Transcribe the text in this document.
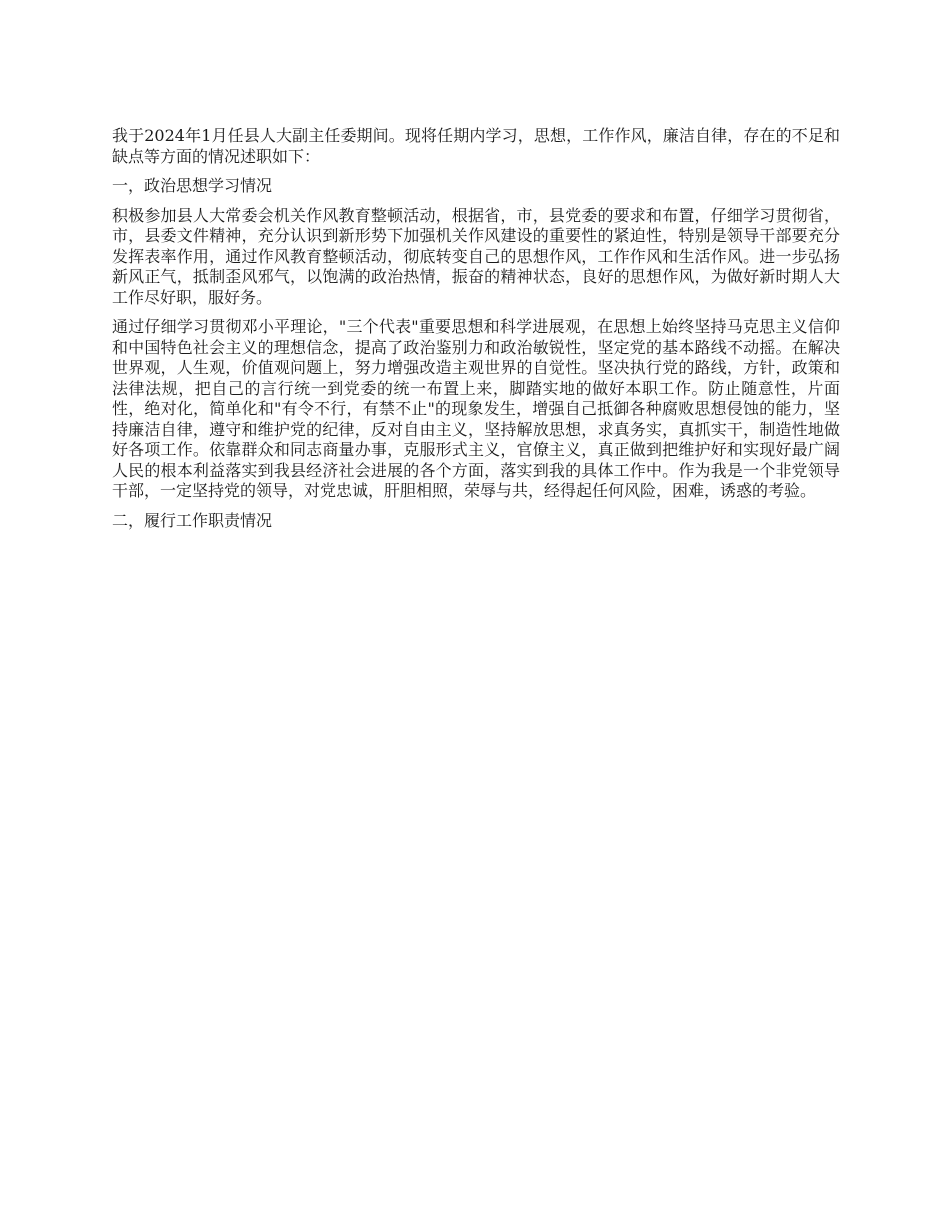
我于2024年1月任县人大副主任委期间。现将任期内学习，思想，工作作风，廉洁自律，存在的不足和缺点等方面的情况述职如下：

一，政治思想学习情况

积极参加县人大常委会机关作风教育整顿活动，根据省，市，县党委的要求和布置，仔细学习贯彻省，市，县委文件精神，充分认识到新形势下加强机关作风建设的重要性的紧迫性，特别是领导干部要充分发挥表率作用，通过作风教育整顿活动，彻底转变自己的思想作风，工作作风和生活作风。进一步弘扬新风正气，抵制歪风邪气，以饱满的政治热情，振奋的精神状态，良好的思想作风，为做好新时期人大工作尽好职，服好务。

通过仔细学习贯彻邓小平理论，"三个代表"重要思想和科学进展观，在思想上始终坚持马克思主义信仰和中国特色社会主义的理想信念，提高了政治鉴别力和政治敏锐性，坚定党的基本路线不动摇。在解决世界观，人生观，价值观问题上，努力增强改造主观世界的自觉性。坚决执行党的路线，方针，政策和法律法规，把自己的言行统一到党委的统一布置上来，脚踏实地的做好本职工作。防止随意性，片面性，绝对化，简单化和"有令不行，有禁不止"的现象发生，增强自己抵御各种腐败思想侵蚀的能力，坚持廉洁自律，遵守和维护党的纪律，反对自由主义，坚持解放思想，求真务实，真抓实干，制造性地做好各项工作。依靠群众和同志商量办事，克服形式主义，官僚主义，真正做到把维护好和实现好最广阔人民的根本利益落实到我县经济社会进展的各个方面，落实到我的具体工作中。作为我是一个非党领导干部，一定坚持党的领导，对党忠诚，肝胆相照，荣辱与共，经得起任何风险，困难，诱惑的考验。

二，履行工作职责情况
